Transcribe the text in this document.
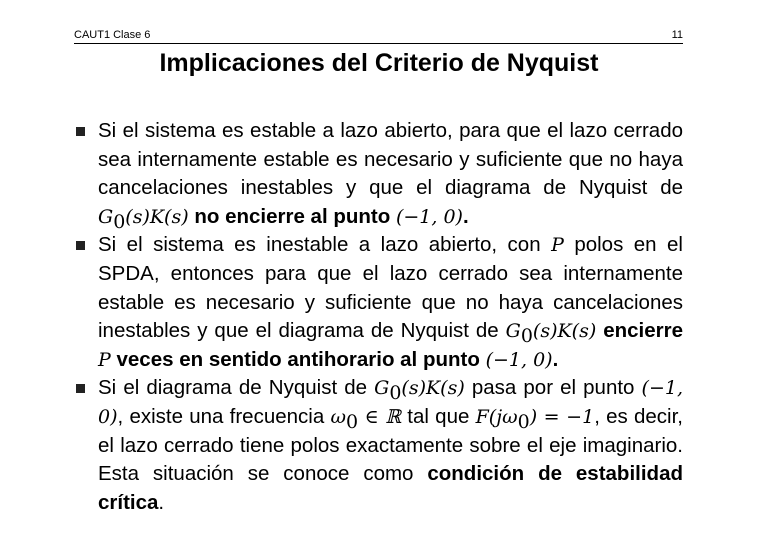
CAUT1 Clase 6	11
Implicaciones del Criterio de Nyquist
Si el sistema es estable a lazo abierto, para que el lazo cerrado sea internamente estable es necesario y suficiente que no haya cancelaciones inestables y que el diagrama de Nyquist de $G_0(s)K(s)$ no encierre al punto (−1, 0).
Si el sistema es inestable a lazo abierto, con P polos en el SPDA, entonces para que el lazo cerrado sea internamente estable es necesario y suficiente que no haya cancelaciones inestables y que el diagrama de Nyquist de $G_0(s)K(s)$ encierre P veces en sentido antihorario al punto (−1, 0).
Si el diagrama de Nyquist de $G_0(s)K(s)$ pasa por el punto (−1, 0), existe una frecuencia $\omega_0$ ∈ ℝ tal que $F(j\omega_0) = -1$, es decir, el lazo cerrado tiene polos exactamente sobre el eje imaginario. Esta situación se conoce como condición de estabilidad crítica.
